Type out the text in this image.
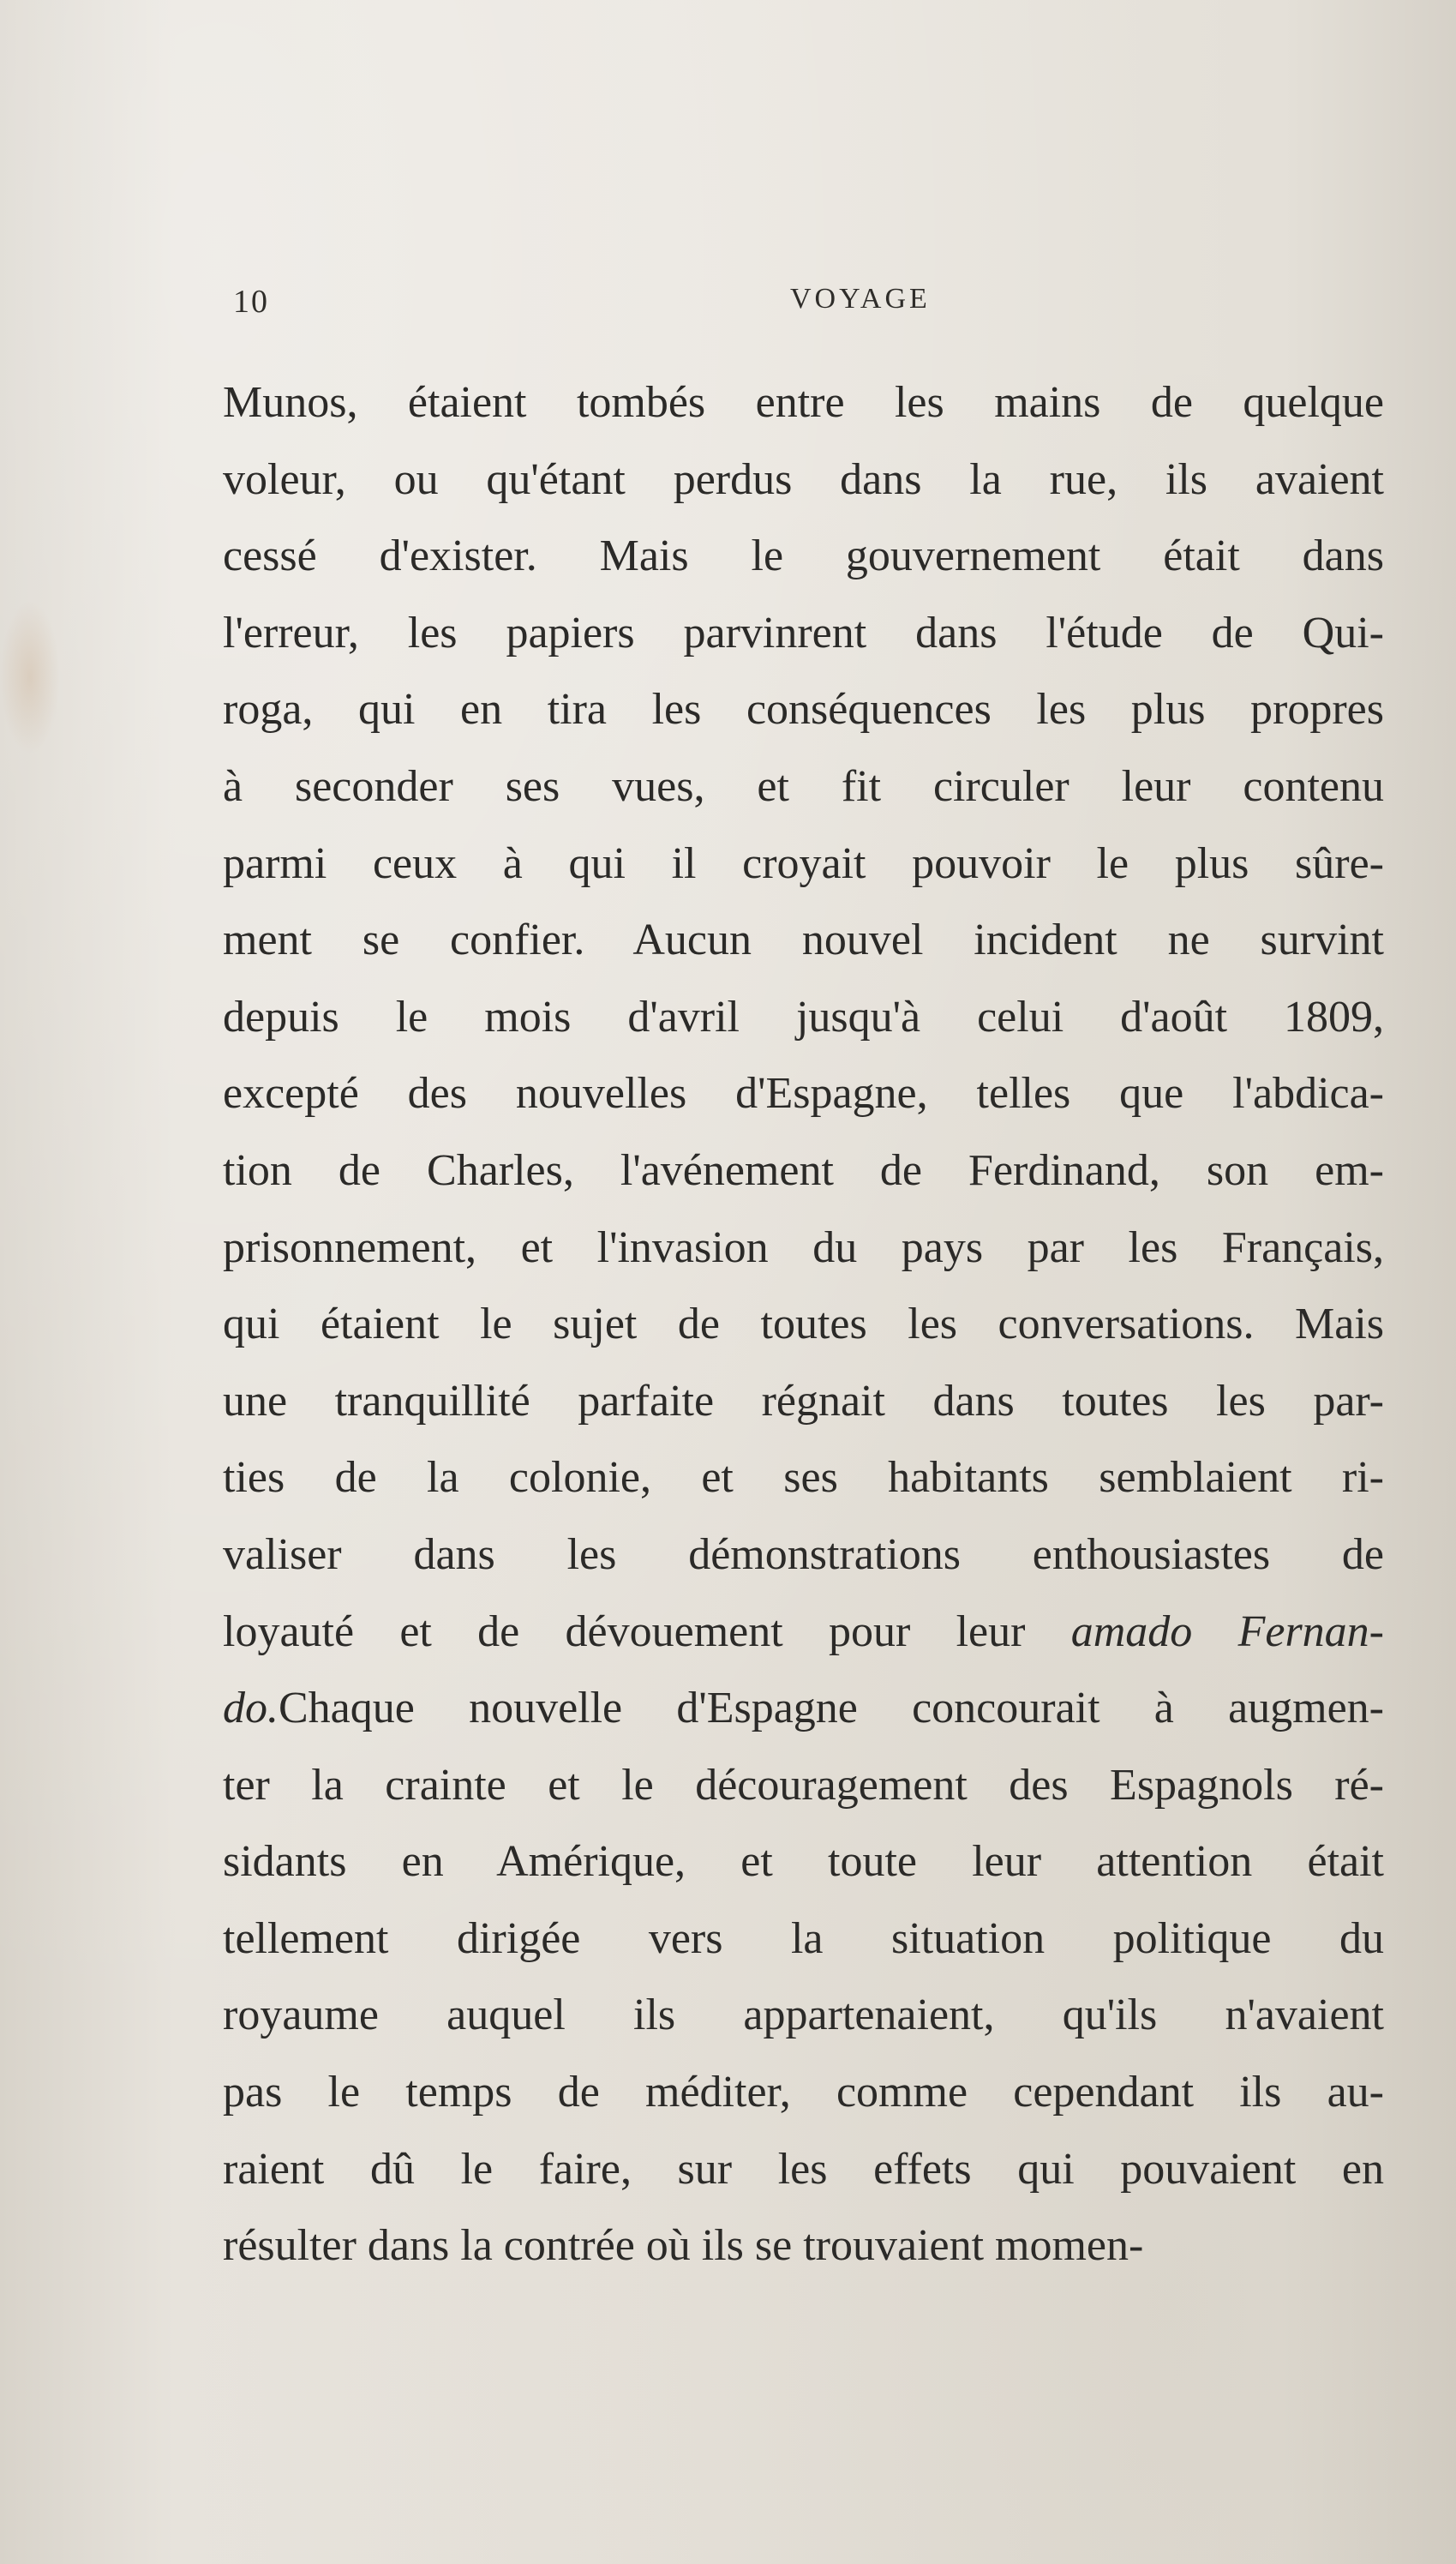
10	VOYAGE
Munos, étaient tombés entre les mains de quelque
voleur, ou qu'étant perdus dans la rue, ils avaient
cessé d'exister. Mais le gouvernement était dans
l'erreur, les papiers parvinrent dans l'étude de Qui-
roga, qui en tira les conséquences les plus propres
à seconder ses vues, et fit circuler leur contenu
parmi ceux à qui il croyait pouvoir le plus sûre-
ment se confier. Aucun nouvel incident ne survint
depuis le mois d'avril jusqu'à celui d'août 1809,
excepté des nouvelles d'Espagne, telles que l'abdica-
tion de Charles, l'avénement de Ferdinand, son em-
prisonnement, et l'invasion du pays par les Français,
qui étaient le sujet de toutes les conversations. Mais
une tranquillité parfaite régnait dans toutes les par-
ties de la colonie, et ses habitants semblaient ri-
valiser dans les démonstrations enthousiastes de
loyauté et de dévouement pour leur amado Fernan-
do.Chaque nouvelle d'Espagne concourait à augmen-
ter la crainte et le découragement des Espagnols ré-
sidants en Amérique, et toute leur attention était
tellement dirigée vers la situation politique du
royaume auquel ils appartenaient, qu'ils n'avaient
pas le temps de méditer, comme cependant ils au-
raient dû le faire, sur les effets qui pouvaient en
résulter dans la contrée où ils se trouvaient momen-
